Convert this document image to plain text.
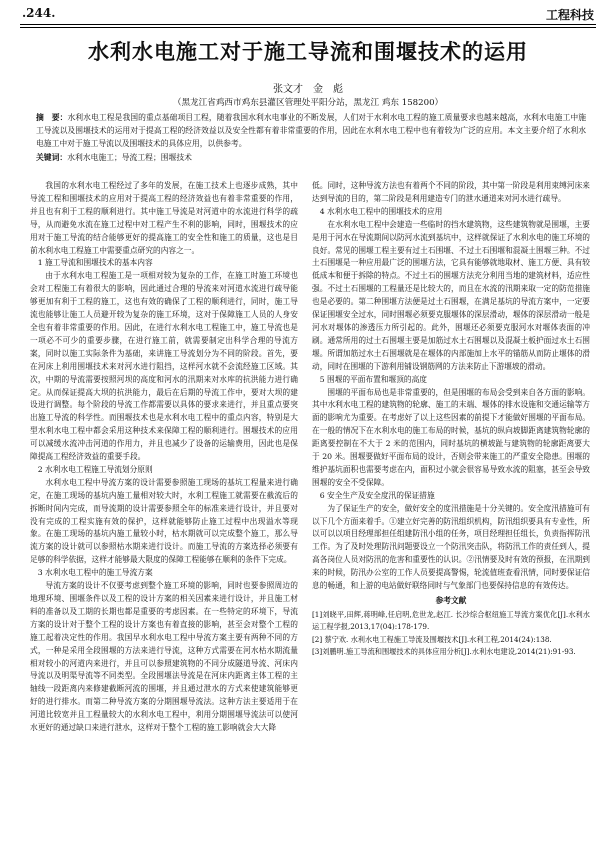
.244.	工程科技
水利水电施工对于施工导流和围堰技术的运用
张文才　金　彪
（黑龙江省鸡西市鸡东县灌区管理处平阳分站，黑龙江 鸡东 158200）
摘　要：水利水电工程是我国的重点基础项目工程，随着我国水利水电事业的不断发展，人们对于水利水电工程的施工质量要求也越来越高，水利水电施工中施工导流以及围堰技术的运用对于提高工程的经济效益以及安全性都有着非常重要的作用，因此在水利水电工程中也有着较为广泛的应用。本文主要介绍了水利水电施工中对于施工导流以及围堰技术的具体应用，以供参考。
关键词：水利水电施工；导流工程；围堰技术

我国的水利水电工程经过了多年的发展，在施工技术上也逐步成熟，其中导流工程和围堰技术的应用对于提高工程的经济效益也有着非常重要的作用，并且也有利于工程的顺利进行。其中施工导流是对河道中的水流进行科学的疏导，从而避免水流在施工过程中对工程产生不利的影响，同时，围堰技术的应用对于施工导流的结合能够更好的提高施工的安全性和施工的质量，这也是目前水利水电工程施工中需要重点研究的内容之一。

1 施工导流和围堰技术的基本内容

由于水利水电工程施工是一项相对较为复杂的工作，在施工时施工环境也会对工程施工有着很大的影响，因此通过合理的导流来对河道水流进行疏导能够更加有利于工程的施工，这也有效的确保了工程的顺利进行，同时，施工导流也能够让施工人员避开较为复杂的施工环境，这对于保障施工人员的人身安全也有着非常重要的作用。因此，在进行水利水电工程施工中，施工导流也是一项必不可少的重要步骤，在进行施工前，就需要制定出科学合理的导流方案，同时以施工实际条件为基础，来讲施工导流划分为不同的阶段。首先，要在河床上利用围堰技术来对河水进行阻挡，这样河水就不会流经施工区域。其次，中期的导流需要按照河坝的高度和河水的汛期来对水库的抗洪能力进行确定。从而保证提高大坝的抗洪能力，最后在后期的导流工作中，要对大坝的建设进行调整。每个阶段的导流工作都需要以具体的要求来进行，并且重点要突出施工导流的科学性。而围堰技术也是水利水电工程中的重点内容，特别是大型水利水电工程中都会采用这种技术来保障工程的顺利进行。围堰技术的应用可以减缓水流冲击河道的作用力，并且也减少了设备的运输费用，因此也是保障提高工程经济效益的重要手段。

2 水利水电工程施工导流划分原则

水利水电工程中导流方案的设计需要参照施工现场的基坑工程量来进行确定，在施工现场的基坑内施工量相对较大时，水利工程施工就需要在截流后的拆断时间内完成，而导流期的设计需要参照全年的标准来进行设计，并且要对没有完成的工程实施有效的保护，这样就能够防止施工过程中出现溢水等现象。在施工现场的基坑内施工量较小时，枯水期就可以完成整个施工，那么导流方案的设计就可以参照枯水期来进行设计。而施工导流的方案选择必须要有足够的科学依据，这样才能够最大限度的保障工程能够在顺利的条件下完成。

3 水利水电工程中的施工导流方案

导流方案的设计不仅要考虑到整个施工环境的影响，同时也要参照周边的地理环境、围堰条件以及工程的设计方案的相关因素来进行设计，并且施工材料的准备以及工期的长期也都是重要的考虑因素。在一些特定的环境下，导流方案的设计对于整个工程的设计方案也有着直接的影响，甚至会对整个工程的施工起着决定性的作用。我国早水利水电工程中导流方案主要有两种不同的方式，一种是采用全段围堰的方法来进行导流，这种方式需要在河水枯水期流量相对较小的河道内来进行，并且可以参照建筑物的不同分成隧道导流、河床内导流以及明渠导流等不同类型。全段围堰法导流是在河床内距离主体工程的主轴线一段距离内来修建截断河流的围堰，并且通过泄水的方式来使建筑能够更好的进行排水。而第二种导流方案的分期围堰导流法。这种方法主要适用于在河道比较宽并且工程量较大的水利水电工程中，利用分期围堰导流法可以使河水更好的通过缺口来进行泄水，这样对于整个工程的施工影响就会大大降

低。同时，这种导流方法也有着两个不同的阶段，其中第一阶段是利用束缚河床来达到导流的目的，第二阶段是利用建造专门的泄水通道来对河水进行疏导。

4 水利水电工程中的围堰技术的应用

在水利水电工程中会建造一些临时的挡水建筑物，这些建筑物就是围堰，主要是用于河水在导流期间以防河水流到基坑中，这样就保证了水利水电的施工环境的良好。常见的围堰工程主要有过土石围堰、不过土石围堰和混凝土围堰三种。不过土石围堰是一种应用最广泛的围堰方法，它具有能够就地取材、施工方便、具有较低成本和便于拆除的特点。不过土石的围堰方法充分利用当地的建筑材料，适应性强。不过土石围堰的工程量还是比较大的，而且在水流的汛期来取一定的防范措施也是必要的。第二种围堰方法便是过土石围堰，在满足基坑的导流方案中，一定要保证围堰安全过水，同时围堰必须要克服堰体的深层滑动，堰体的深层滑动一般是河水对堰体的渗透压力所引起的。此外，围堰还必须要克服河水对堰体表面的冲刷。通常所用的过土石围堰主要是加筋过水土石围堰以及混凝土板护面过水土石围堰。所谓加筋过水土石围堰就是在堰体的内部施加上水平的锚筋从而防止堰体的滑动，同时在围堰的下游利用铺设钢筋网的方法来防止下游堰坡的滑动。

5 围堰的平面布置和堰顶的高度

围堰的平面布局也是非常重要的，但是围堰的布局会受到来自各方面的影响。其中水利水电工程的建筑物的轮廓、施工的末端、堰体的排水设施和交通运输等方面的影响尤为重要。在考虑好了以上这些因素的前提下才能做好围堰的平面布局。在一般的情况下在水利水电的施工布局的时候，基坑的纵向坡脚距离建筑物轮廓的距离要控制在不大于 2 米的范围内，同时基坑的横坡趾与建筑物的轮廓距离要大于 20 米。围堰要做好平面布局的设计，否则会带来施工的严重安全隐患。围堰的维护基坑面积也需要考虑在内，面积过小就会很容易导致水流的阻塞，甚至会导致围堰的安全不受保障。

6 安全生产及安全度汛的保证措施

为了保证生产的安全，做好安全的度汛措施是十分关键的。安全度汛措施可有以下几个方面来着手。①建立好完善的防汛组织机构，防汛组织要具有专业性，所以可以以项目经理部担任组建防汛小组的任务，项目经理担任组长，负责指挥防汛工作。为了及时处理防汛问题要设立一个防汛突击队，将防汛工作的责任到人，提高各岗位人员对防汛的危害和重要性的认识。②汛情要及时有效的预报，在汛期到来的时候，防汛办公室的工作人员要提高警惕，轮流值班查看汛情，同时要保证信息的畅通，和上游的电站做好联络同时与气象部门也要保持信息的有效传达。

参考文献

[1]刘晓平,田辉,蒋明峰,任启明,危世龙,赵江. 长沙综合枢纽施工导流方案优化[J].水利水运工程学报,2013,17(04):178-179.

[2] 蔡宁欢. 水利水电工程施工导流及围堰技术[J].水利工程,2014(24):138.

[3]刘鹏明.施工导流和围堰技术的具体应用分析[J].水利水电建设,2014(21):91-93.
